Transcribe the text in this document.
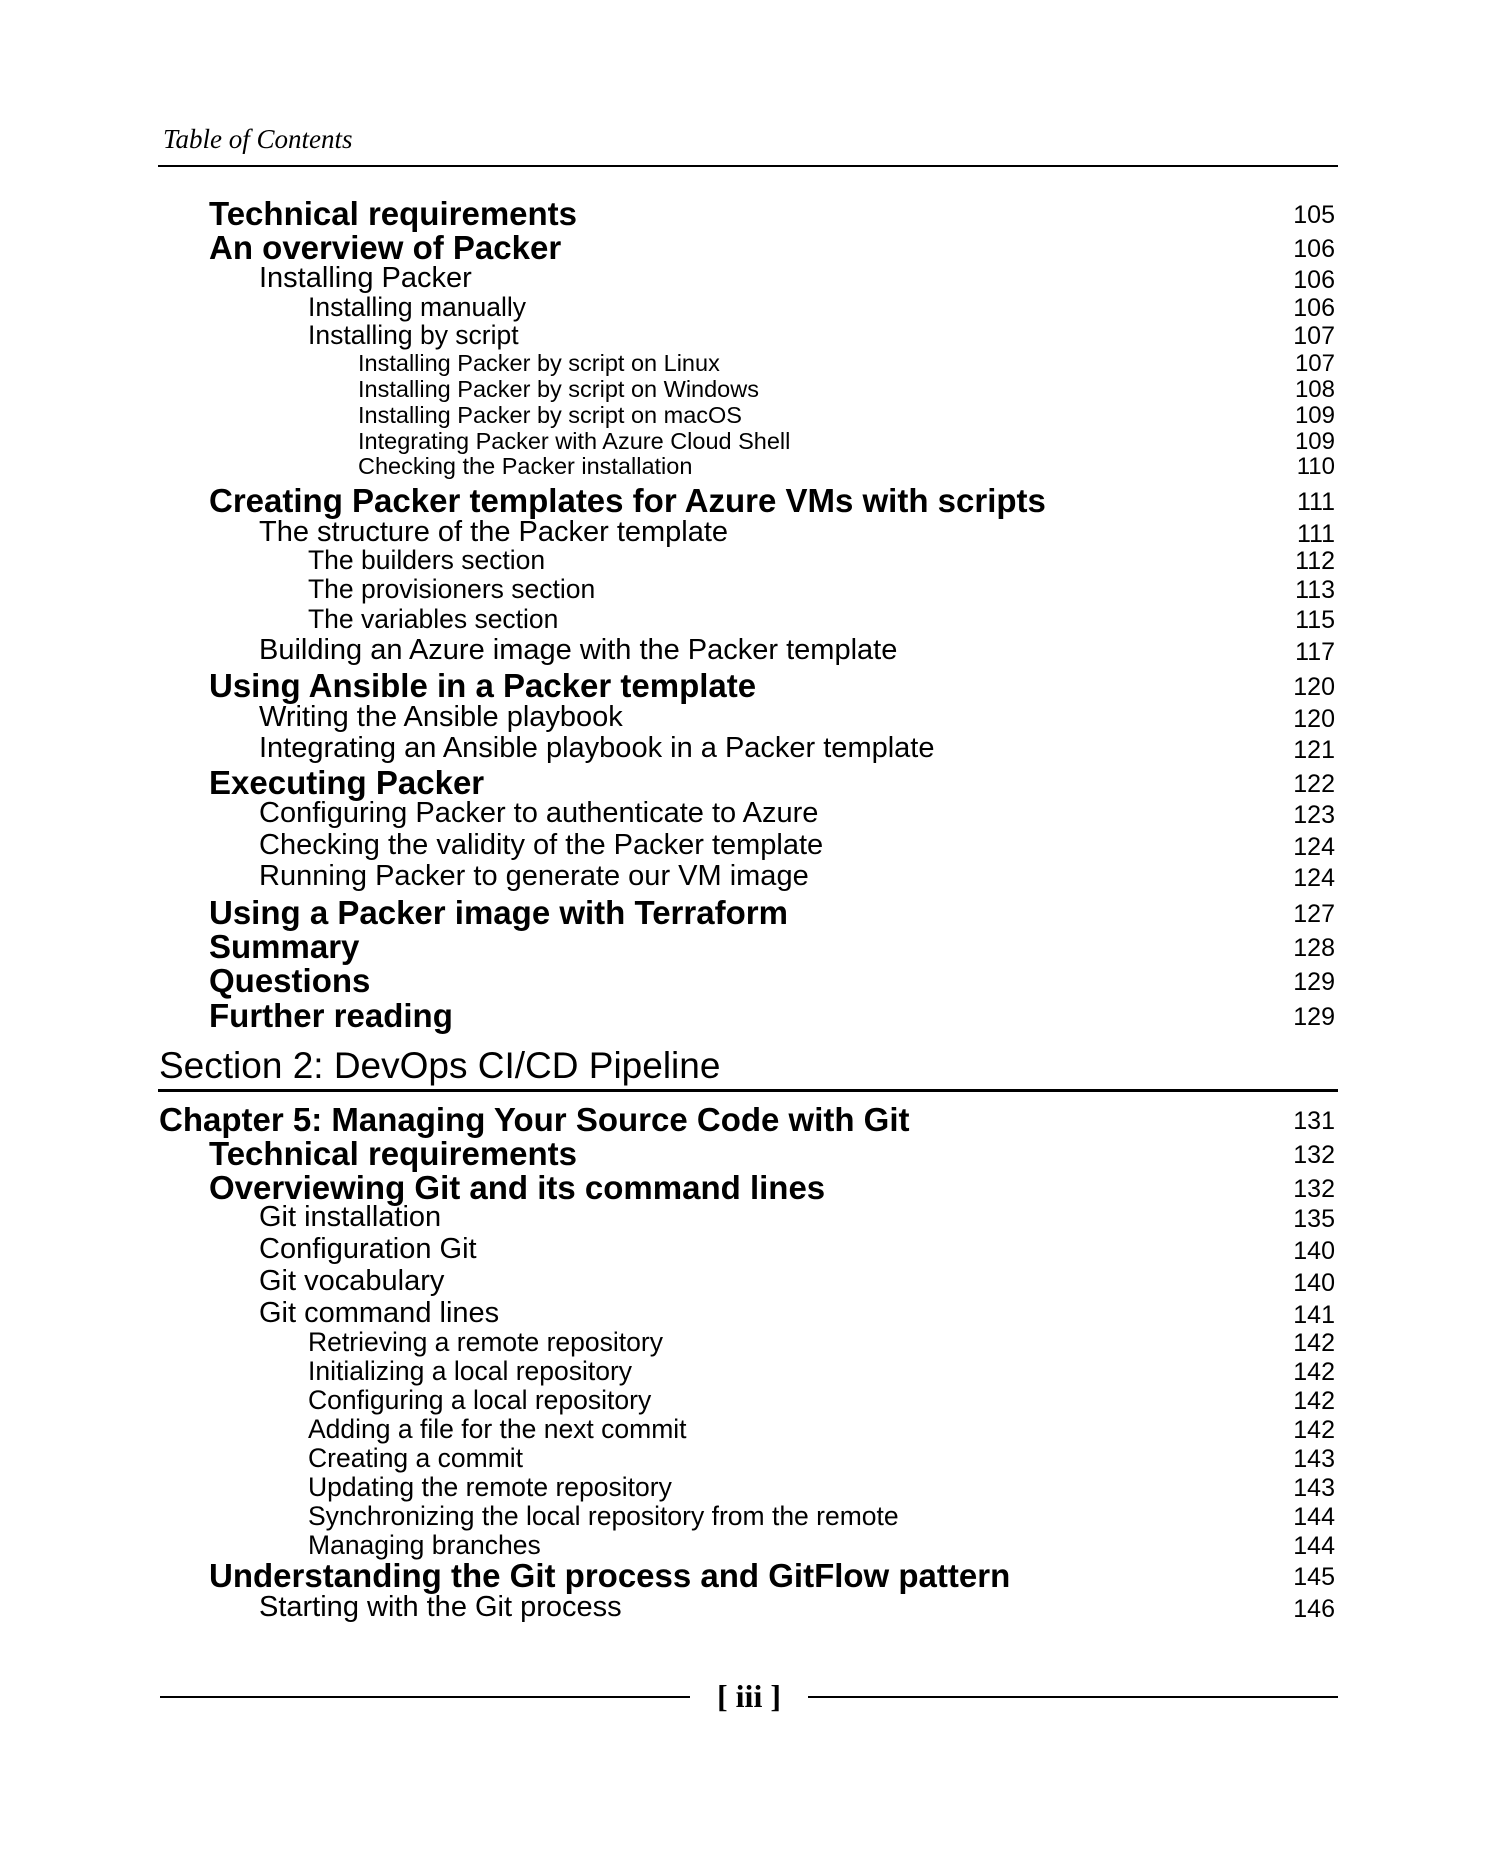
Table of Contents
Technical requirements	105
An overview of Packer	106
Installing Packer	106
Installing manually	106
Installing by script	107
Installing Packer by script on Linux	107
Installing Packer by script on Windows	108
Installing Packer by script on macOS	109
Integrating Packer with Azure Cloud Shell	109
Checking the Packer installation	110
Creating Packer templates for Azure VMs with scripts	111
The structure of the Packer template	111
The builders section	112
The provisioners section	113
The variables section	115
Building an Azure image with the Packer template	117
Using Ansible in a Packer template	120
Writing the Ansible playbook	120
Integrating an Ansible playbook in a Packer template	121
Executing Packer	122
Configuring Packer to authenticate to Azure	123
Checking the validity of the Packer template	124
Running Packer to generate our VM image	124
Using a Packer image with Terraform	127
Summary	128
Questions	129
Further reading	129
Chapter 5: Managing Your Source Code with Git	131
Technical requirements	132
Overviewing Git and its command lines	132
Git installation	135
Configuration Git	140
Git vocabulary	140
Git command lines	141
Retrieving a remote repository	142
Initializing a local repository	142
Configuring a local repository	142
Adding a file for the next commit	142
Creating a commit	143
Updating the remote repository	143
Synchronizing the local repository from the remote	144
Managing branches	144
Understanding the Git process and GitFlow pattern	145
Starting with the Git process	146
Section 2: DevOps CI/CD Pipeline
[ iii ]
